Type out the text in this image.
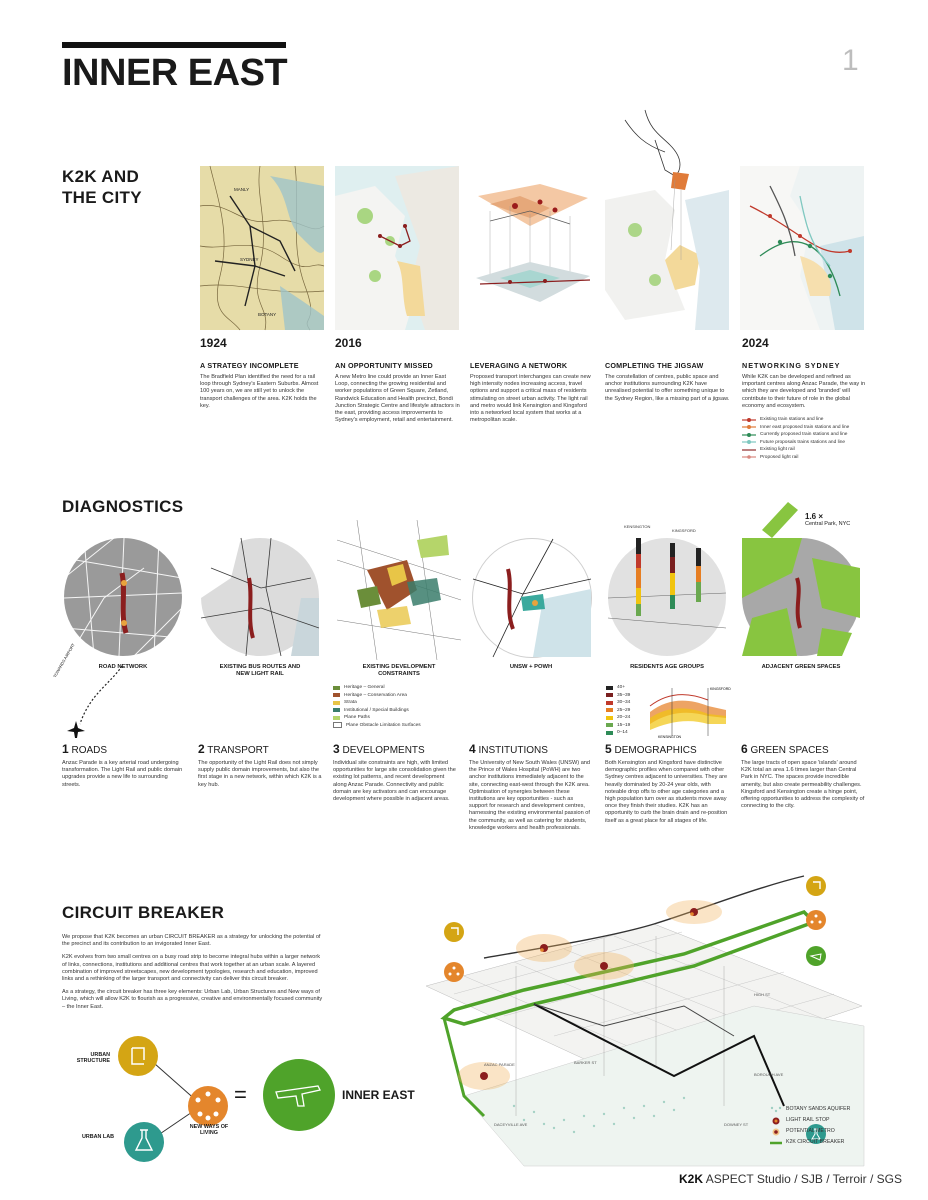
INNER EAST	1
K2K AND
THE CITY	MANLY
SYDNEY
BOTANY
1924
A STRATEGY INCOMPLETE
The Bradfield Plan identified the need for a rail loop through Sydney's Eastern Suburbs. Almost 100 years on, we are still yet to unlock the transport challenges of the area. K2K holds the key.
2016
AN OPPORTUNITY MISSED
A new Metro line could provide an Inner East Loop, connecting the growing residential and worker populations of Green Square, Zetland, Randwick Education and Health precinct, Bondi Junction Strategic Centre and lifestyle attractors in the east, providing access improvements to Sydney's employment, retail and entertainment.
LEVERAGING A NETWORK
Proposed transport interchanges can create new high intensity nodes increasing access, travel options and support a critical mass of residents stimulating on street urban activity. The light rail and metro would link Kensington and Kingsford into a networked local system that works at a metropolitan scale.
COMPLETING THE JIGSAW
The constellation of centres, public space and anchor institutions surrounding K2K have unrealised potential to offer something unique to the Sydney Region, like a missing part of a jigsaw.
2024
NETWORKING SYDNEY
While K2K can be developed and refined as important centres along Anzac Parade, the way in which they are developed and 'branded' will contribute to their future of role in the global economy and ecosystem.
Existing train stations and line
Inner east proposed train stations and line
Currently proposed train stations and line
Future proposals trains stations and line
Existing light rail
Proposed light rail
DIAGNOSTICS
KENSINGTON
KINGSFORD
1.6 ×
Central Park, NYC
ROAD NETWORK	EXISTING BUS ROUTES AND
NEW LIGHT RAIL
EXISTING DEVELOPMENT
CONSTRAINTS
UNSW + POWH	RESIDENTS AGE GROUPS	ADJACENT GREEN SPACES
TOWARDS AIRPORT
Heritage – General
Heritage – Conservation Area
Strata
Institutional / Special Buildings
Plane Paths
Plane Obstacle Limitation Surfaces
40+
35–39
30–34
25–29
20–24
15–19
0–14
KINGSFORD
KENSINGTON
1 ROADS
Anzac Parade is a key arterial road undergoing transformation. The Light Rail and public domain upgrades provide a new life to surrounding streets.
2 TRANSPORT
The opportunity of the Light Rail does not simply supply public domain improvements, but also the first stage in a new network, within which K2K is a key hub.
3 DEVELOPMENTS
Individual site constraints are high, with limited opportunities for large site consolidation given the existing lot patterns, and recent development along Anzac Parade. Connectivity and public domain are key activators and can encourage development where possible in adjacent areas.
4 INSTITUTIONS
The University of New South Wales (UNSW) and the Prince of Wales Hospital (PoWH) are two anchor institutions immediately adjacent to the site, connecting east-west through the K2K area. Optimisation of synergies between these institutions are key opportunities - such as support for research and development centres, harnessing the existing environmental passion of the community, as well as catering for students, knowledge workers and health professionals.
5 DEMOGRAPHICS
Both Kensington and Kingsford have distinctive demographic profiles when compared with other Sydney centres adjacent to universities. They are heavily dominated by 20-24 year olds, with noteable drop offs to other age categories and a high population turn over as students move away once they finish their studies. K2K has an opportunity to curb the brain drain and re-position itself as a great place for all stages of life.
6 GREEN SPACES
The large tracts of open space 'islands' around K2K total an area 1.6 times larger than Central Park in NYC. The spaces provide incredible amenity, but also create permeability challenges. Kingsford and Kensington create a hinge point, offering opportunities to address the complexity of connecting to the city.
CIRCUIT BREAKER
We propose that K2K becomes an urban CIRCUIT BREAKER as a strategy for unlocking the potential of the precinct and its contribution to an invigorated Inner East.
K2K evolves from two small centres on a busy road strip to become integral hubs within a larger network of links, connections, institutions and additional centres that work together at an urban scale. A layered combination of improved streetscapes, new development typologies, research and education, improved links and a rethinking of the larger transport and connectivity can deliver this circuit breaker.
As a strategy, the circuit breaker has three key elements: Urban Lab, Urban Structures and New ways of Living, which will allow K2K to flourish as a progressive, creative and environmentally focused community – the Inner East.
URBAN STRUCTURE
URBAN LAB
NEW WAYS OF LIVING
=	INNER EAST
ANZAC PARADE	BARKER ST
HIGH ST
DACEYVILLE AVE	DOWNEY ST
BOROUGH AVE
BOTANY SANDS AQUIFER
LIGHT RAIL STOP
POTENTIAL METRO
K2K CIRCUIT BREAKER
K2K ASPECT Studio / SJB / Terroir / SGS
